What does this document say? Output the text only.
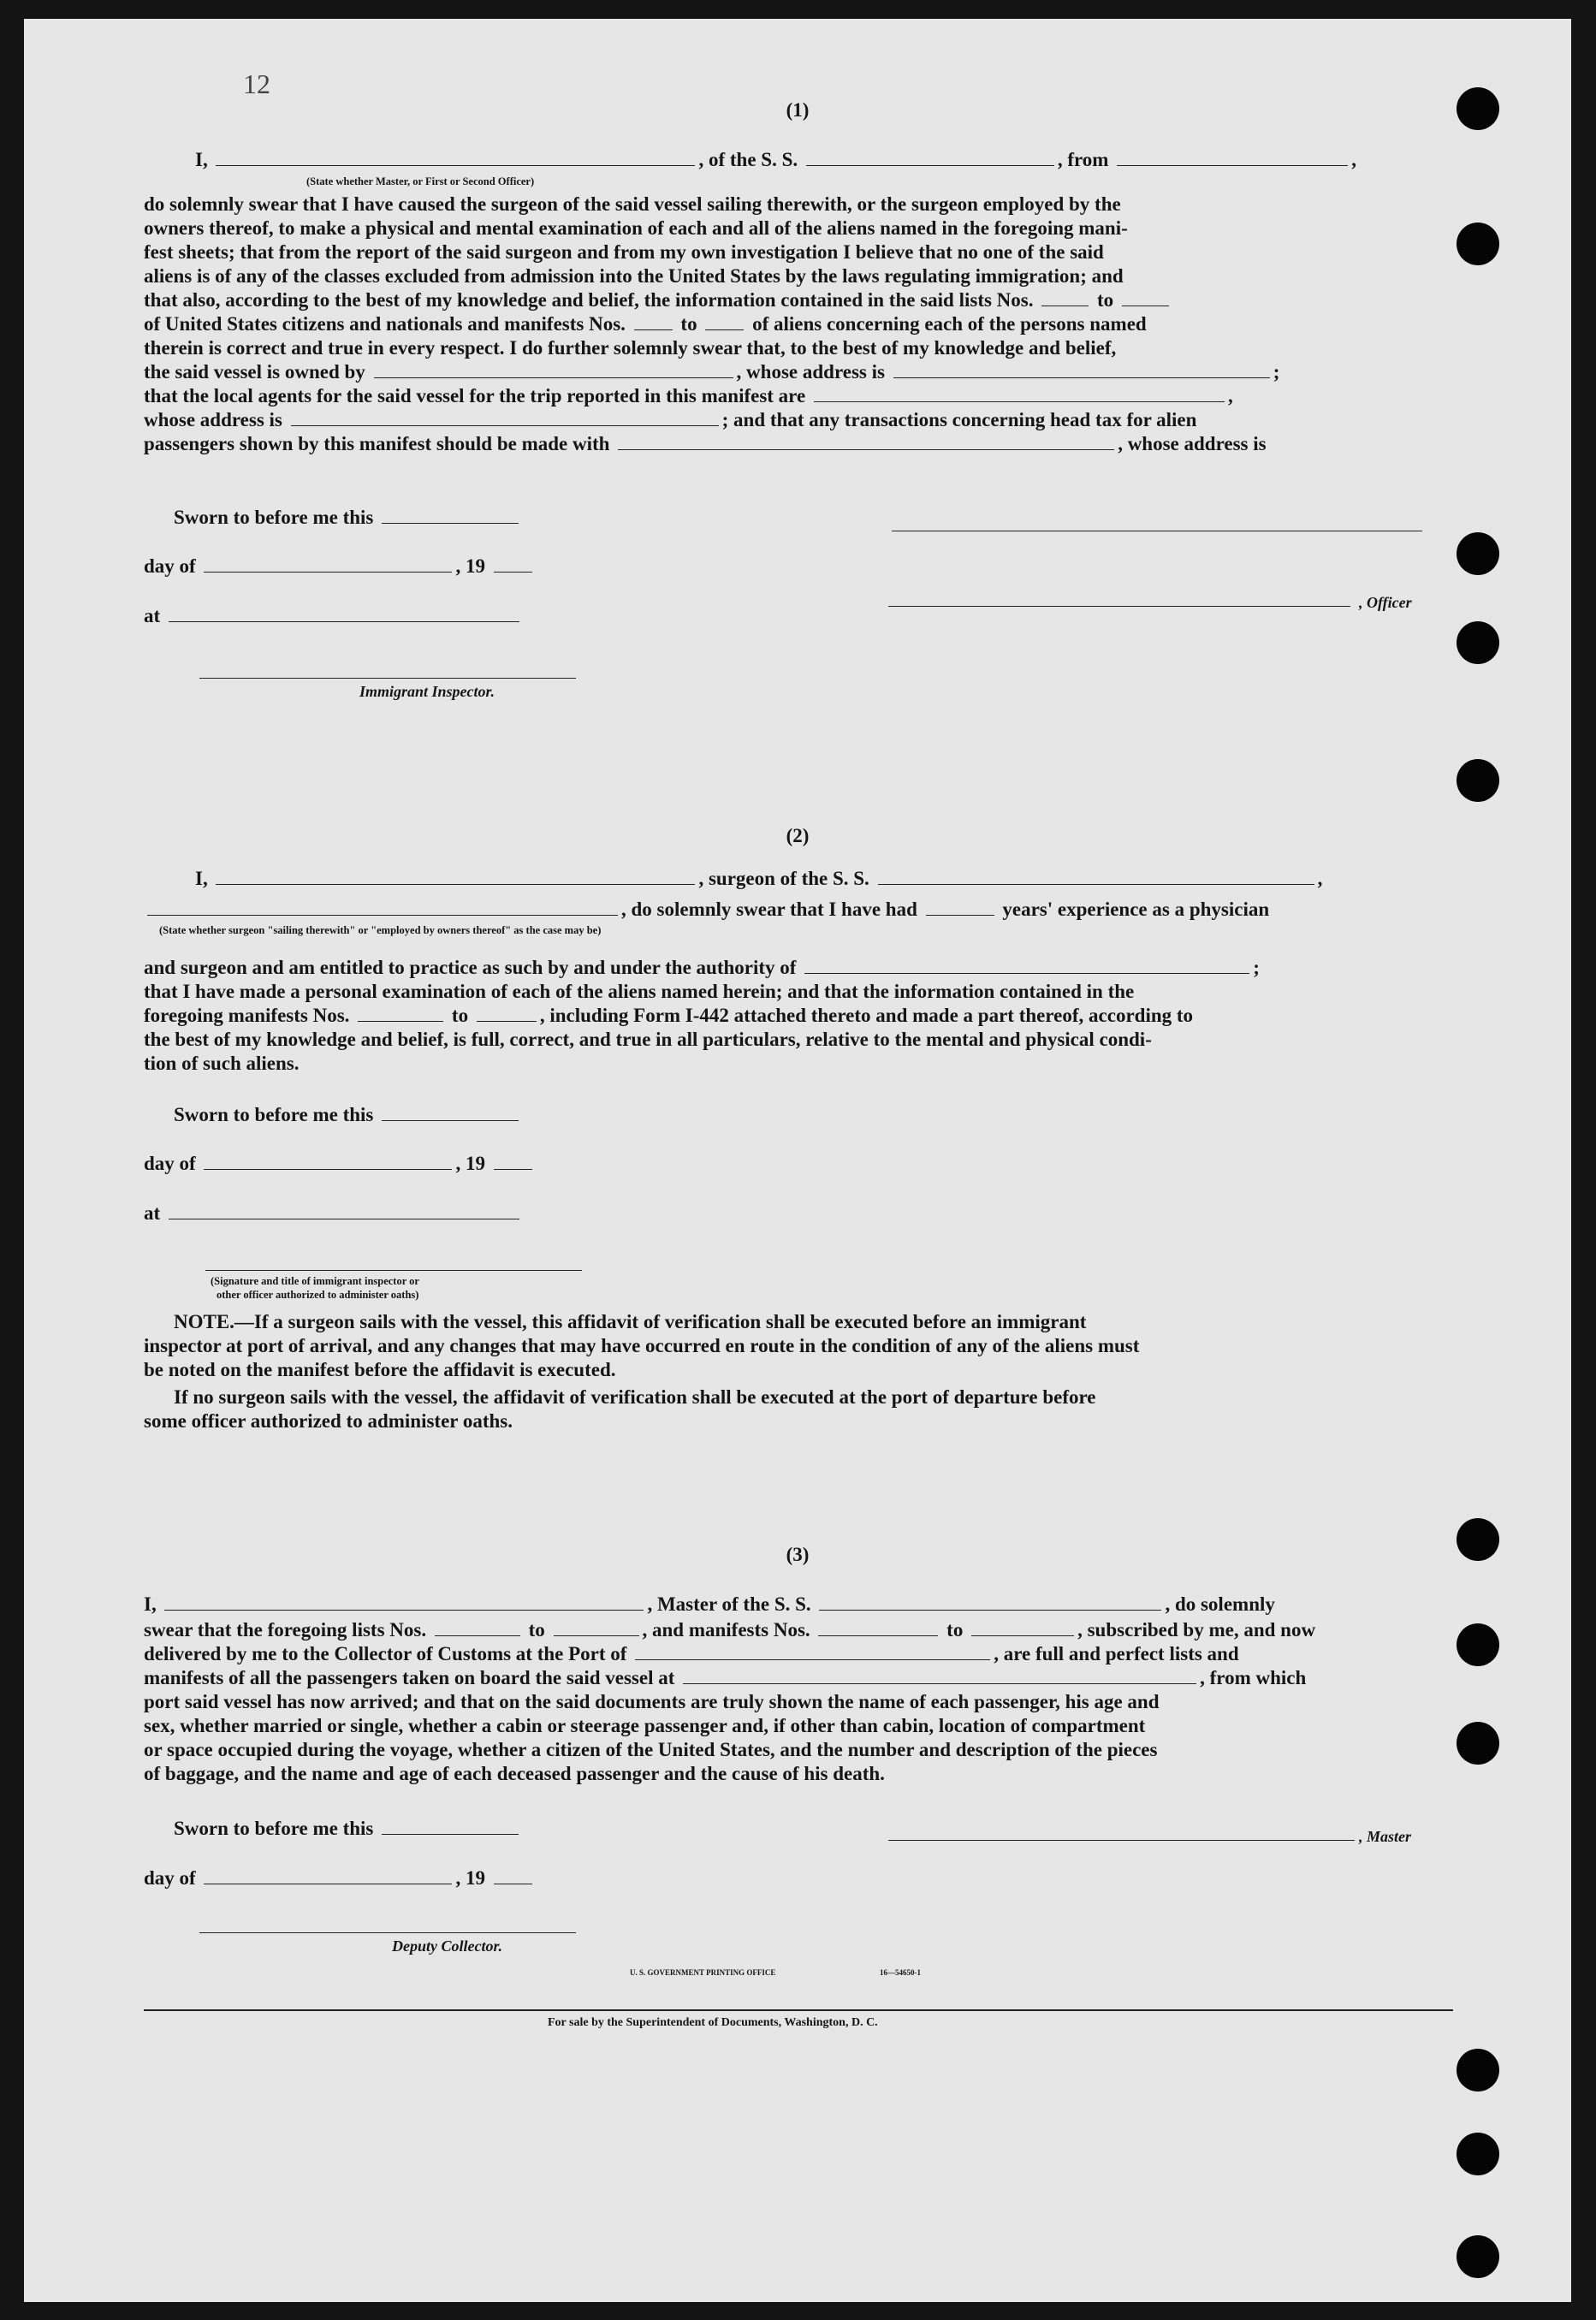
12
(1)
I,	, of the S. S.	, from	,
(State whether Master, or First or Second Officer)
do solemnly swear that I have caused the surgeon of the said vessel sailing therewith, or the surgeon employed by the
owners thereof, to make a physical and mental examination of each and all of the aliens named in the foregoing mani-
fest sheets; that from the report of the said surgeon and from my own investigation I believe that no one of the said
aliens is of any of the classes excluded from admission into the United States by the laws regulating immigration; and
that also, according to the best of my knowledge and belief, the information contained in the said lists Nos.	to
of United States citizens and nationals and manifests Nos.	to	of aliens concerning each of the persons named
therein is correct and true in every respect. I do further solemnly swear that, to the best of my knowledge and belief,
the said vessel is owned by	, whose address is	;
that the local agents for the said vessel for the trip reported in this manifest are	,
whose address is	; and that any transactions concerning head tax for alien
passengers shown by this manifest should be made with	, whose address is
Sworn to before me this
day of	, 19
, Officer
at
Immigrant Inspector.
(2)
I,	, surgeon of the S. S.	,
, do solemnly swear that I have had	years' experience as a physician
(State whether surgeon "sailing therewith" or "employed by owners thereof" as the case may be)
and surgeon and am entitled to practice as such by and under the authority of	;
that I have made a personal examination of each of the aliens named herein; and that the information contained in the
foregoing manifests Nos.	to	, including Form I-442 attached thereto and made a part thereof, according to
the best of my knowledge and belief, is full, correct, and true in all particulars, relative to the mental and physical condi-
tion of such aliens.
Sworn to before me this
day of	, 19
at
(Signature and title of immigrant inspector or
other officer authorized to administer oaths)
NOTE.—If a surgeon sails with the vessel, this affidavit of verification shall be executed before an immigrant
inspector at port of arrival, and any changes that may have occurred en route in the condition of any of the aliens must
be noted on the manifest before the affidavit is executed.
If no surgeon sails with the vessel, the affidavit of verification shall be executed at the port of departure before
some officer authorized to administer oaths.
(3)
I,	, Master of the S. S.	, do solemnly
swear that the foregoing lists Nos.	to	, and manifests Nos.	to	, subscribed by me, and now
delivered by me to the Collector of Customs at the Port of	, are full and perfect lists and
manifests of all the passengers taken on board the said vessel at	, from which
port said vessel has now arrived; and that on the said documents are truly shown the name of each passenger, his age and
sex, whether married or single, whether a cabin or steerage passenger and, if other than cabin, location of compartment
or space occupied during the voyage, whether a citizen of the United States, and the number and description of the pieces
of baggage, and the name and age of each deceased passenger and the cause of his death.
Sworn to before me this	, Master
day of	, 19
Deputy Collector.
U. S. GOVERNMENT PRINTING OFFICE	16—54650-1
For sale by the Superintendent of Documents, Washington, D. C.
